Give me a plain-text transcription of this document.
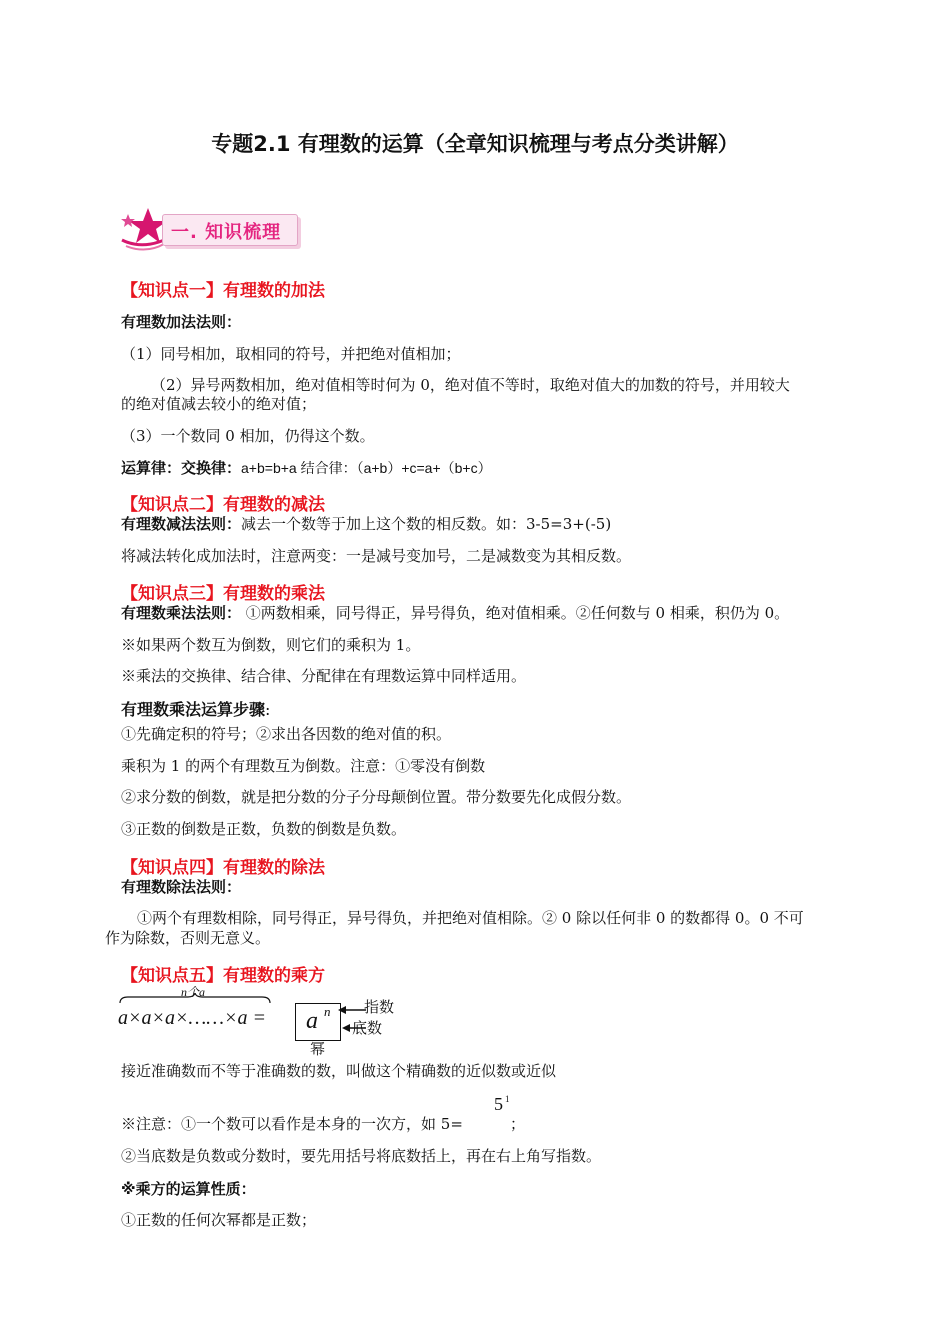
专题2.1 有理数的运算（全章知识梳理与考点分类讲解）
一. 知识梳理
【知识点一】有理数的加法
有理数加法法则：
（1）同号相加，取相同的符号，并把绝对值相加；
（2）异号两数相加，绝对值相等时何为 0，绝对值不等时，取绝对值大的加数的符号，并用较大
的绝对值减去较小的绝对值；
（3）一个数同 0 相加，仍得这个数。
运算律：交换律：a+b=b+a 结合律：（a+b）+c=a+（b+c）
【知识点二】有理数的减法
有理数减法法则：减去一个数等于加上这个数的相反数。如：3-5=3+(-5)
将减法转化成加法时，注意两变：一是减号变加号，二是减数变为其相反数。
【知识点三】有理数的乘法
有理数乘法法则： ①两数相乘，同号得正，异号得负，绝对值相乘。②任何数与 0 相乘，积仍为 0。
※如果两个数互为倒数，则它们的乘积为 1。
※乘法的交换律、结合律、分配律在有理数运算中同样适用。
有理数乘法运算步骤:
①先确定积的符号；②求出各因数的绝对值的积。
乘积为 1 的两个有理数互为倒数。注意：①零没有倒数
②求分数的倒数，就是把分数的分子分母颠倒位置。带分数要先化成假分数。
③正数的倒数是正数，负数的倒数是负数。
【知识点四】有理数的除法
有理数除法法则：
①两个有理数相除，同号得正，异号得负，并把绝对值相除。② 0 除以任何非 0 的数都得 0。0 不可
作为除数，否则无意义。
【知识点五】有理数的乘方
n个a
a×a×a×……×a = a n 指数
底数
幂
接近准确数而不等于准确数的数，叫做这个精确数的近似数或近似
※注意：①一个数可以看作是本身的一次方，如 5=
5 1
；
②当底数是负数或分数时，要先用括号将底数括上，再在右上角写指数。
※乘方的运算性质：
①正数的任何次幂都是正数；
